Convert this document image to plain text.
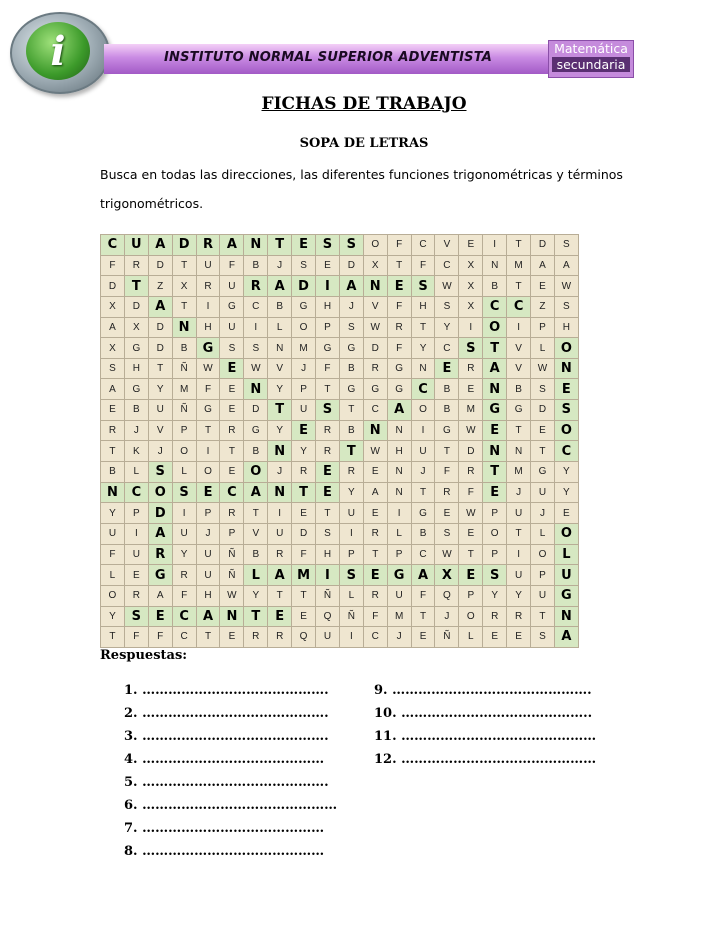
i	INSTITUTO NORMAL SUPERIOR ADVENTISTA
Matemática
secundaria
FICHAS DE TRABAJO
SOPA DE LETRAS
Busca en todas las direcciones, las diferentes funciones trigonométricas y términos trigonométricos.
C	U	A	D	R	A	N	T	E	S	S	O	F	C	V	E	I	T	D	S
F	R	D	T	U	F	B	J	S	E	D	X	T	F	C	X	N	M	A	A
D	T	Z	X	R	U	R	A	D	I	A	N	E	S	W	X	B	T	E	W
X	D	A	T	I	G	C	B	G	H	J	V	F	H	S	X	C	C	Z	S
A	X	D	N	H	U	I	L	O	P	S	W	R	T	Y	I	O	I	P	H
X	G	D	B	G	S	S	N	M	G	G	D	F	Y	C	S	T	V	L	O
S	H	T	Ñ	W	E	W	V	J	F	B	R	G	N	E	R	A	V	W	N
A	G	Y	M	F	E	N	Y	P	T	G	G	G	C	B	E	N	B	S	E
E	B	U	Ñ	G	E	D	T	U	S	T	C	A	O	B	M	G	G	D	S
R	J	V	P	T	R	G	Y	E	R	B	N	N	I	G	W	E	T	E	O
T	K	J	O	I	T	B	N	Y	R	T	W	H	U	T	D	N	N	T	C
B	L	S	L	O	E	O	J	R	E	R	E	N	J	F	R	T	M	G	Y
N	C	O	S	E	C	A	N	T	E	Y	A	N	T	R	F	E	J	U	Y
Y	P	D	I	P	R	T	I	E	T	U	E	I	G	E	W	P	U	J	E
U	I	A	U	J	P	V	U	D	S	I	R	L	B	S	E	O	T	L	O
F	U	R	Y	U	Ñ	B	R	F	H	P	T	P	C	W	T	P	I	O	L
L	E	G	R	U	Ñ	L	A	M	I	S	E	G	A	X	E	S	U	P	U
O	R	A	F	H	W	Y	T	T	Ñ	L	R	U	F	Q	P	Y	Y	U	G
Y	S	E	C	A	N	T	E	E	Q	Ñ	F	M	T	J	O	R	R	T	N
T	F	F	C	T	E	R	R	Q	U	I	C	J	E	Ñ	L	E	E	S	A
Respuestas:
1. …………………………………….
2. …………………………………….
3. …………………………………….
4. ……………………………………
5. …………………………………….
6. ………………………………………
7. ……………………………………
8. ……………………………………
9. ……………………………………….
10. ……………………………………..
11. ………………………………………
12. ………………………………………
